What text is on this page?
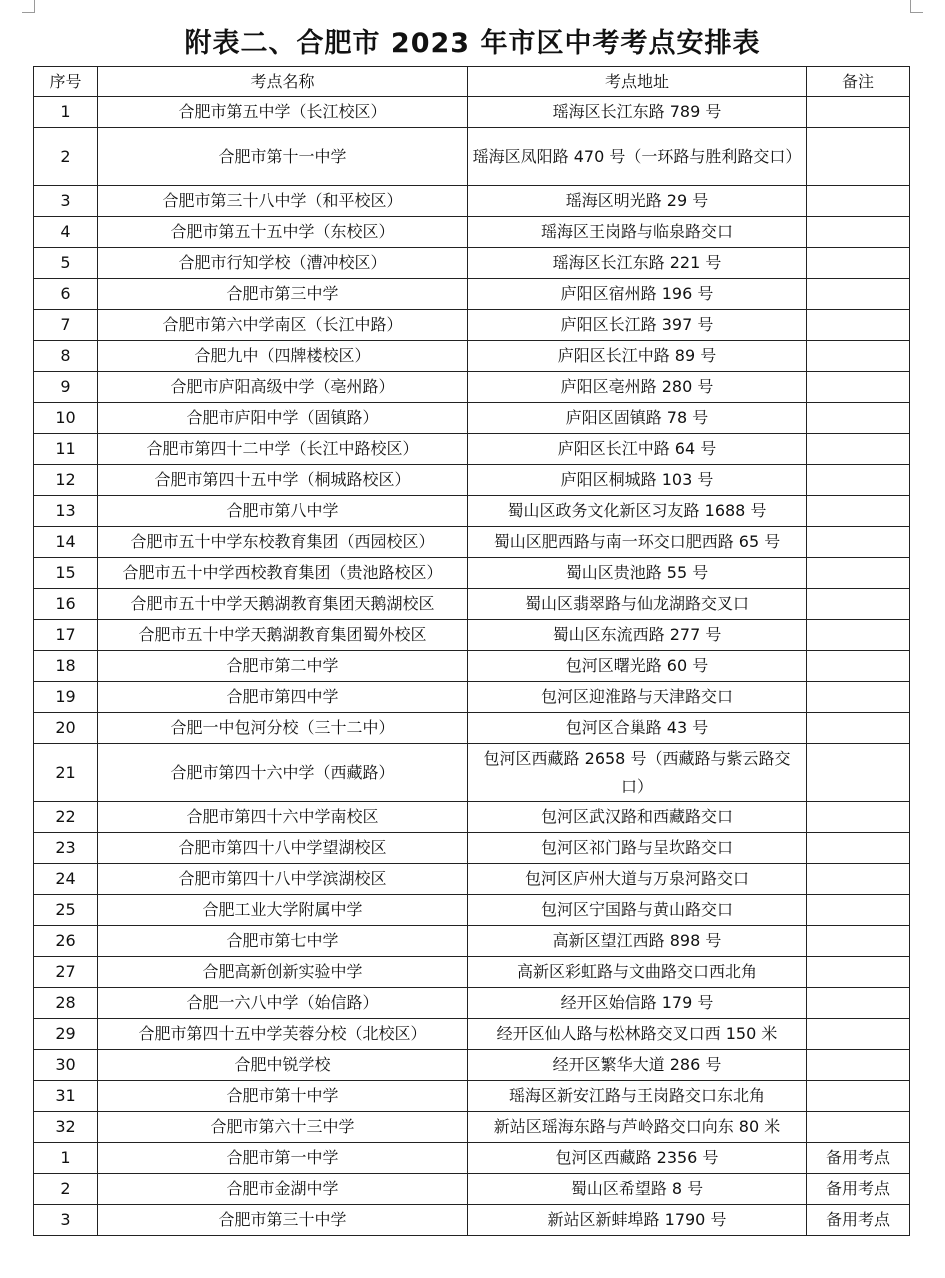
附表二、合肥市 2023 年市区中考考点安排表
序号	考点名称	考点地址	备注
1	合肥市第五中学（长江校区）	瑶海区长江东路 789 号	
2	合肥市第十一中学	瑶海区凤阳路 470 号（一环路与胜利路交口）	
3	合肥市第三十八中学（和平校区）	瑶海区明光路 29 号	
4	合肥市第五十五中学（东校区）	瑶海区王岗路与临泉路交口	
5	合肥市行知学校（漕冲校区）	瑶海区长江东路 221 号	
6	合肥市第三中学	庐阳区宿州路 196 号	
7	合肥市第六中学南区（长江中路）	庐阳区长江路 397 号	
8	合肥九中（四牌楼校区）	庐阳区长江中路 89 号	
9	合肥市庐阳高级中学（亳州路）	庐阳区亳州路 280 号	
10	合肥市庐阳中学（固镇路）	庐阳区固镇路 78 号	
11	合肥市第四十二中学（长江中路校区）	庐阳区长江中路 64 号	
12	合肥市第四十五中学（桐城路校区）	庐阳区桐城路 103 号	
13	合肥市第八中学	蜀山区政务文化新区习友路 1688 号	
14	合肥市五十中学东校教育集团（西园校区）	蜀山区肥西路与南一环交口肥西路 65 号	
15	合肥市五十中学西校教育集团（贵池路校区）	蜀山区贵池路 55 号	
16	合肥市五十中学天鹅湖教育集团天鹅湖校区	蜀山区翡翠路与仙龙湖路交叉口	
17	合肥市五十中学天鹅湖教育集团蜀外校区	蜀山区东流西路 277 号	
18	合肥市第二中学	包河区曙光路 60 号	
19	合肥市第四中学	包河区迎淮路与天津路交口	
20	合肥一中包河分校（三十二中）	包河区合巢路 43 号	
21	合肥市第四十六中学（西藏路）	包河区西藏路 2658 号（西藏路与紫云路交口）	
22	合肥市第四十六中学南校区	包河区武汉路和西藏路交口	
23	合肥市第四十八中学望湖校区	包河区祁门路与呈坎路交口	
24	合肥市第四十八中学滨湖校区	包河区庐州大道与万泉河路交口	
25	合肥工业大学附属中学	包河区宁国路与黄山路交口	
26	合肥市第七中学	高新区望江西路 898 号	
27	合肥高新创新实验中学	高新区彩虹路与文曲路交口西北角	
28	合肥一六八中学（始信路）	经开区始信路 179 号	
29	合肥市第四十五中学芙蓉分校（北校区）	经开区仙人路与松林路交叉口西 150 米	
30	合肥中锐学校	经开区繁华大道 286 号	
31	合肥市第十中学	瑶海区新安江路与王岗路交口东北角	
32	合肥市第六十三中学	新站区瑶海东路与芦岭路交口向东 80 米	
1	合肥市第一中学	包河区西藏路 2356 号	备用考点
2	合肥市金湖中学	蜀山区希望路 8 号	备用考点
3	合肥市第三十中学	新站区新蚌埠路 1790 号	备用考点
